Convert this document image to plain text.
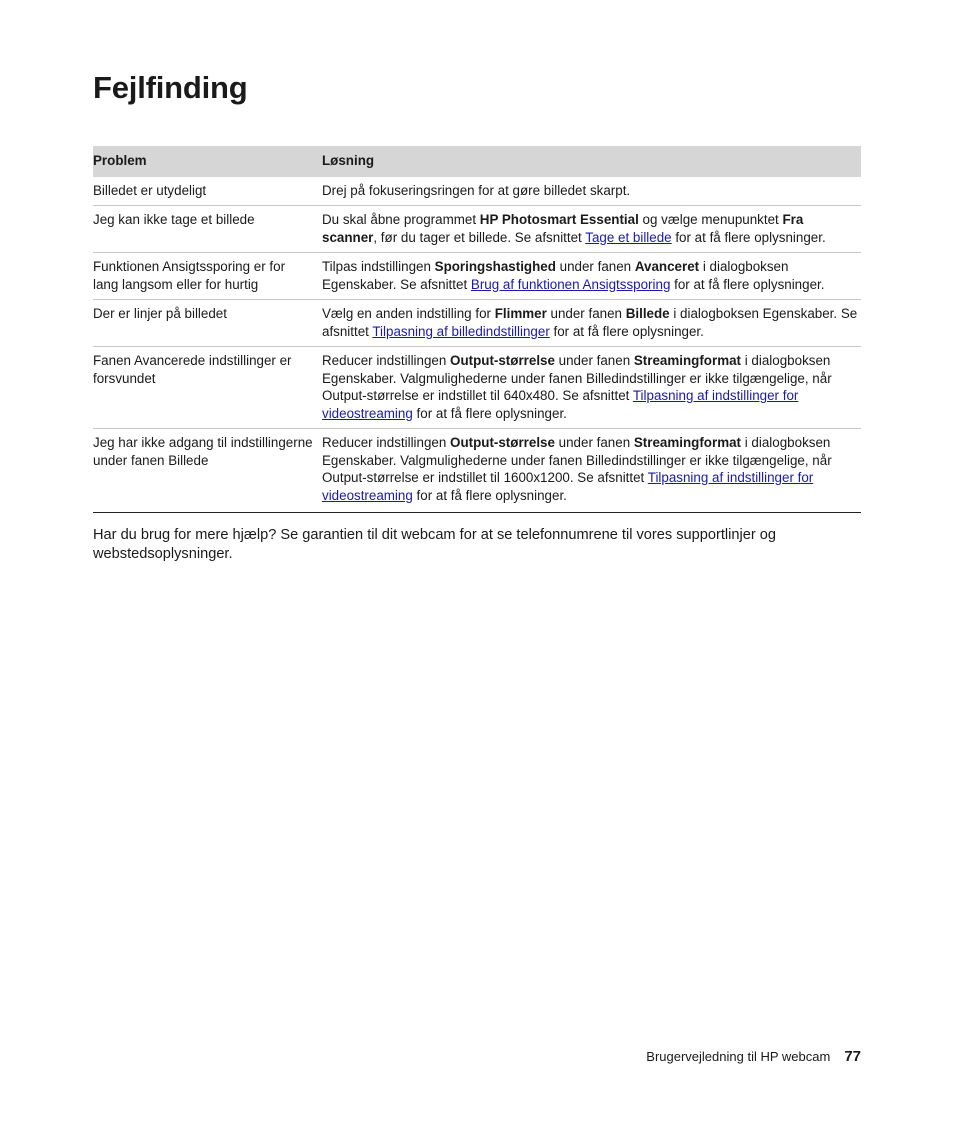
Fejlfinding
Problem	Løsning
Billedet er utydeligt	Drej på fokuseringsringen for at gøre billedet skarpt.
Jeg kan ikke tage et billede	Du skal åbne programmet HP Photosmart Essential og vælge menupunktet Fra scanner, før du tager et billede. Se afsnittet Tage et billede for at få flere oplysninger.
Funktionen Ansigtssporing er for lang langsom eller for hurtig	Tilpas indstillingen Sporingshastighed under fanen Avanceret i dialogboksen Egenskaber. Se afsnittet Brug af funktionen Ansigtssporing for at få flere oplysninger.
Der er linjer på billedet	Vælg en anden indstilling for Flimmer under fanen Billede i dialogboksen Egenskaber. Se afsnittet Tilpasning af billedindstillinger for at få flere oplysninger.
Fanen Avancerede indstillinger er forsvundet	Reducer indstillingen Output-størrelse under fanen Streamingformat i dialogboksen Egenskaber. Valgmulighederne under fanen Billedindstillinger er ikke tilgængelige, når Output-størrelse er indstillet til 640x480. Se afsnittet Tilpasning af indstillinger for videostreaming for at få flere oplysninger.
Jeg har ikke adgang til indstillingerne under fanen Billede	Reducer indstillingen Output-størrelse under fanen Streamingformat i dialogboksen Egenskaber. Valgmulighederne under fanen Billedindstillinger er ikke tilgængelige, når Output-størrelse er indstillet til 1600x1200. Se afsnittet Tilpasning af indstillinger for videostreaming for at få flere oplysninger.

Har du brug for mere hjælp? Se garantien til dit webcam for at se telefonnumrene til vores supportlinjer og webstedsoplysninger.

Brugervejledning til HP webcam 77
